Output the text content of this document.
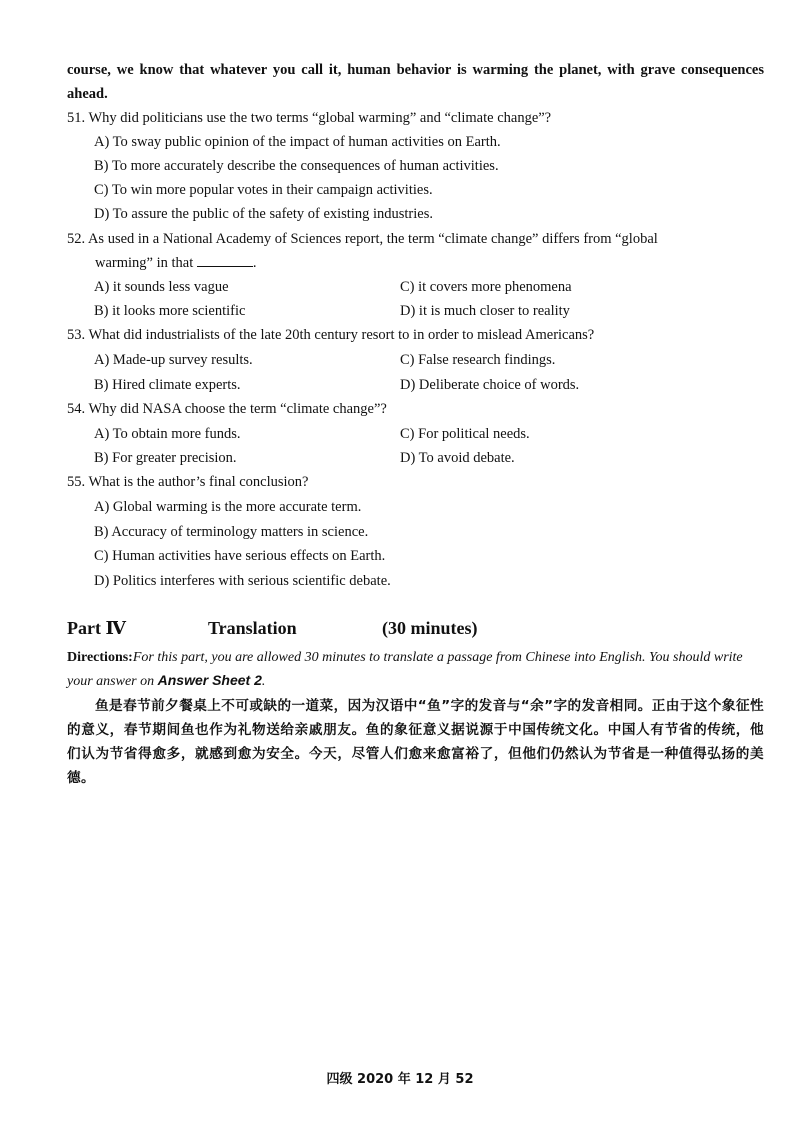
course, we know that whatever you call it, human behavior is warming the planet, with grave consequences ahead.
51. Why did politicians use the two terms “global warming” and “climate change”?
A) To sway public opinion of the impact of human activities on Earth.
B) To more accurately describe the consequences of human activities.
C) To win more popular votes in their campaign activities.
D) To assure the public of the safety of existing industries.
52. As used in a National Academy of Sciences report, the term “climate change” differs from “global
warming” in that	.
A) it sounds less vague	C) it covers more phenomena
B) it looks more scientific	D) it is much closer to reality
53. What did industrialists of the late 20th century resort to in order to mislead Americans?
A) Made-up survey results.	C) False research findings.
B) Hired climate experts.	D) Deliberate choice of words.
54. Why did NASA choose the term “climate change”?
A) To obtain more funds.	C) For political needs.
B) For greater precision.	D) To avoid debate.
55. What is the author’s final conclusion?
A) Global warming is the more accurate term.
B) Accuracy of terminology matters in science.
C) Human activities have serious effects on Earth.
D) Politics interferes with serious scientific debate.
Part Ⅳ	Translation	(30 minutes)
Directions:For this part, you are allowed 30 minutes to translate a passage from Chinese into English. You should write your answer on Answer Sheet 2.
鱼是春节前夕餐桌上不可或缺的一道菜，因为汉语中“鱼”字的发音与“余”字的发音相同。正由于这个象征性的意义，春节期间鱼也作为礼物送给亲戚朋友。鱼的象征意义据说源于中国传统文化。中国人有节省的传统，他们认为节省得愈多，就感到愈为安全。今天，尽管人们愈来愈富裕了，但他们仍然认为节省是一种值得弘扬的美德。
四级 2020 年 12 月 52
